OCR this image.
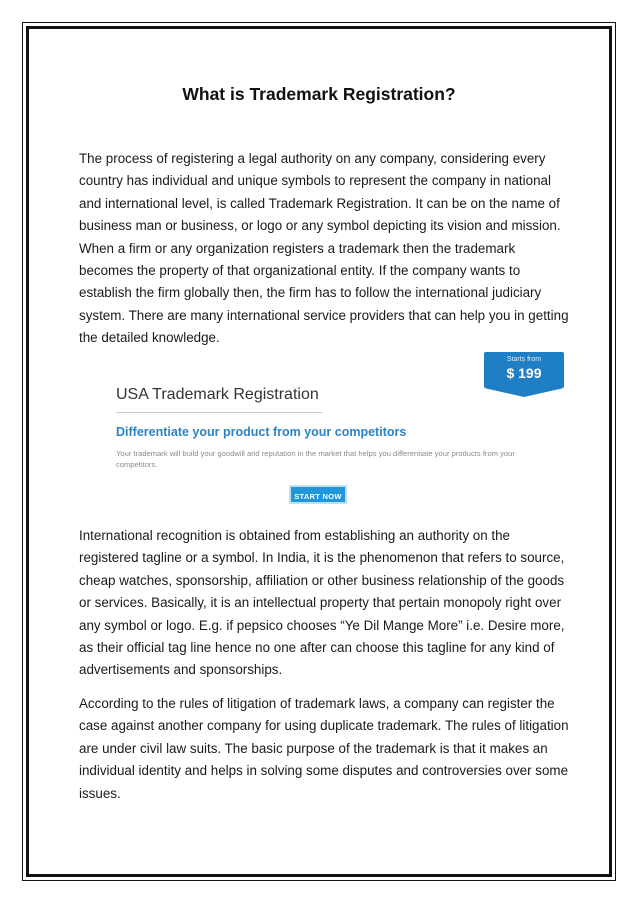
What is Trademark Registration?

The process of registering a legal authority on any company, considering every country has individual and unique symbols to represent the company in national and international level, is called Trademark Registration. It can be on the name of business man or business, or logo or any symbol depicting its vision and mission. When a firm or any organization registers a trademark then the trademark becomes the property of that organizational entity. If the company wants to establish the firm globally then, the firm has to follow the international judiciary system. There are many international service providers that can help you in getting the detailed knowledge.

Starts from
$ 199
USA Trademark Registration

Differentiate your product from your competitors

Your trademark will build your goodwill and reputation in the market that helps you differentiate your products from your competitors.

START NOW

International recognition is obtained from establishing an authority on the registered tagline or a symbol. In India, it is the phenomenon that refers to source, cheap watches, sponsorship, affiliation or other business relationship of the goods or services. Basically, it is an intellectual property that pertain monopoly right over any symbol or logo. E.g. if pepsico chooses “Ye Dil Mange More” i.e. Desire more, as their official tag line hence no one after can choose this tagline for any kind of advertisements and sponsorships.

According to the rules of litigation of trademark laws, a company can register the case against another company for using duplicate trademark. The rules of litigation are under civil law suits. The basic purpose of the trademark is that it makes an individual identity and helps in solving some disputes and controversies over some issues.
